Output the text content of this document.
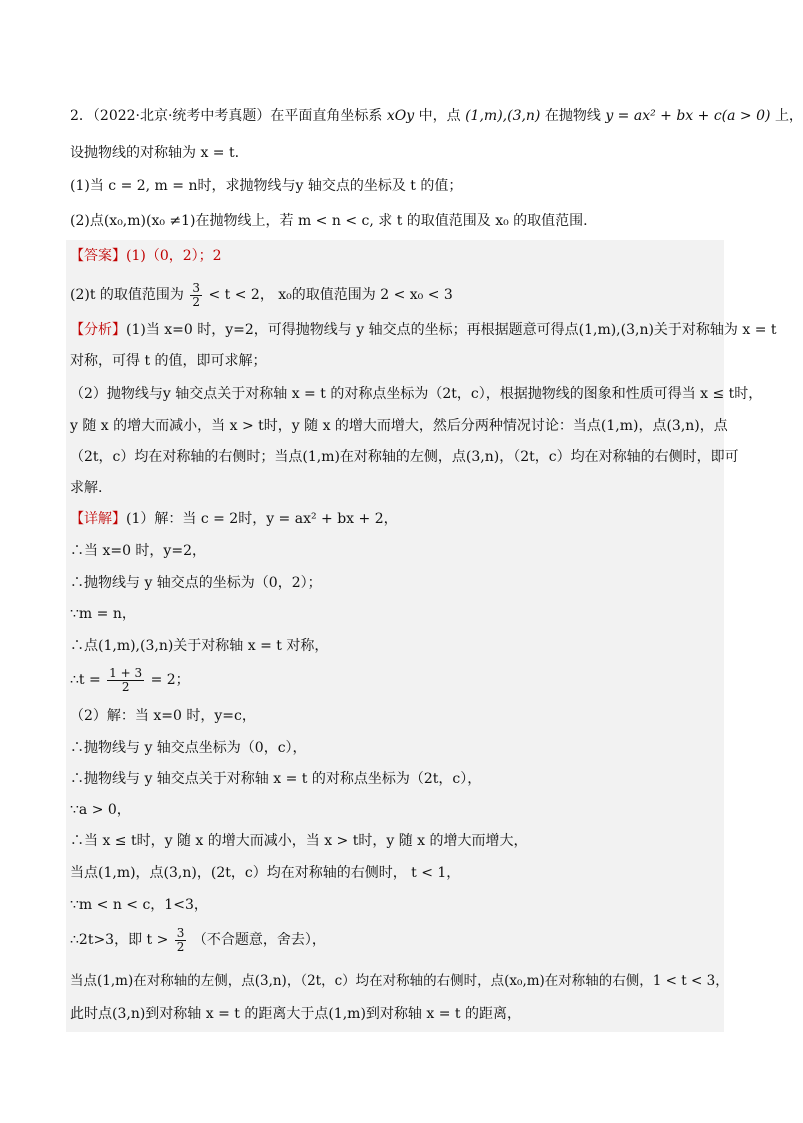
2．（2022·北京·统考中考真题）在平面直角坐标系 xOy 中，点 (1,m),(3,n) 在抛物线 y = ax² + bx + c(a > 0) 上，
设抛物线的对称轴为 x = t.
(1)当 c = 2, m = n时，求抛物线与y 轴交点的坐标及 t 的值；
(2)点(x₀,m)(x₀ ≠1)在抛物线上，若 m < n < c, 求 t 的取值范围及 x₀ 的取值范围.
【答案】(1)（0，2）；2
(2)t 的取值范围为 $\frac{3}{2} < t < 2$， x₀的取值范围为 2 < x₀ < 3
【分析】(1)当 x=0 时，y=2，可得抛物线与 y 轴交点的坐标；再根据题意可得点(1,m),(3,n)关于对称轴为 x = t
对称，可得 t 的值，即可求解；
（2）抛物线与y 轴交点关于对称轴 x = t 的对称点坐标为（2t，c），根据抛物线的图象和性质可得当 x ≤ t时，
y 随 x 的增大而减小，当 x > t时，y 随 x 的增大而增大，然后分两种情况讨论：当点(1,m)，点(3,n)，点
（2t，c）均在对称轴的右侧时；当点(1,m)在对称轴的左侧，点(3,n)，（2t，c）均在对称轴的右侧时，即可
求解.
【详解】(1）解：当 c = 2时，y = ax² + bx + 2，
∴当 x=0 时，y=2，
∴抛物线与 y 轴交点的坐标为（0，2）；
∵m = n，
∴点(1,m),(3,n)关于对称轴 x = t 对称，
∴t = $\frac{1 + 3}{2} = 2$；
（2）解：当 x=0 时，y=c，
∴抛物线与 y 轴交点坐标为（0，c），
∴抛物线与 y 轴交点关于对称轴 x = t 的对称点坐标为（2t，c），
∵a > 0，
∴当 x ≤ t时，y 随 x 的增大而减小，当 x > t时，y 随 x 的增大而增大，
当点(1,m)，点(3,n)，(2t，c）均在对称轴的右侧时， t < 1，
∵m < n < c，1<3，
∴2t>3，即 $t > \frac{3}{2}$ （不合题意，舍去），
当点(1,m)在对称轴的左侧，点(3,n)，（2t，c）均在对称轴的右侧时，点(x₀,m)在对称轴的右侧，1 < t < 3，
此时点(3,n)到对称轴 x = t 的距离大于点(1,m)到对称轴 x = t 的距离，
